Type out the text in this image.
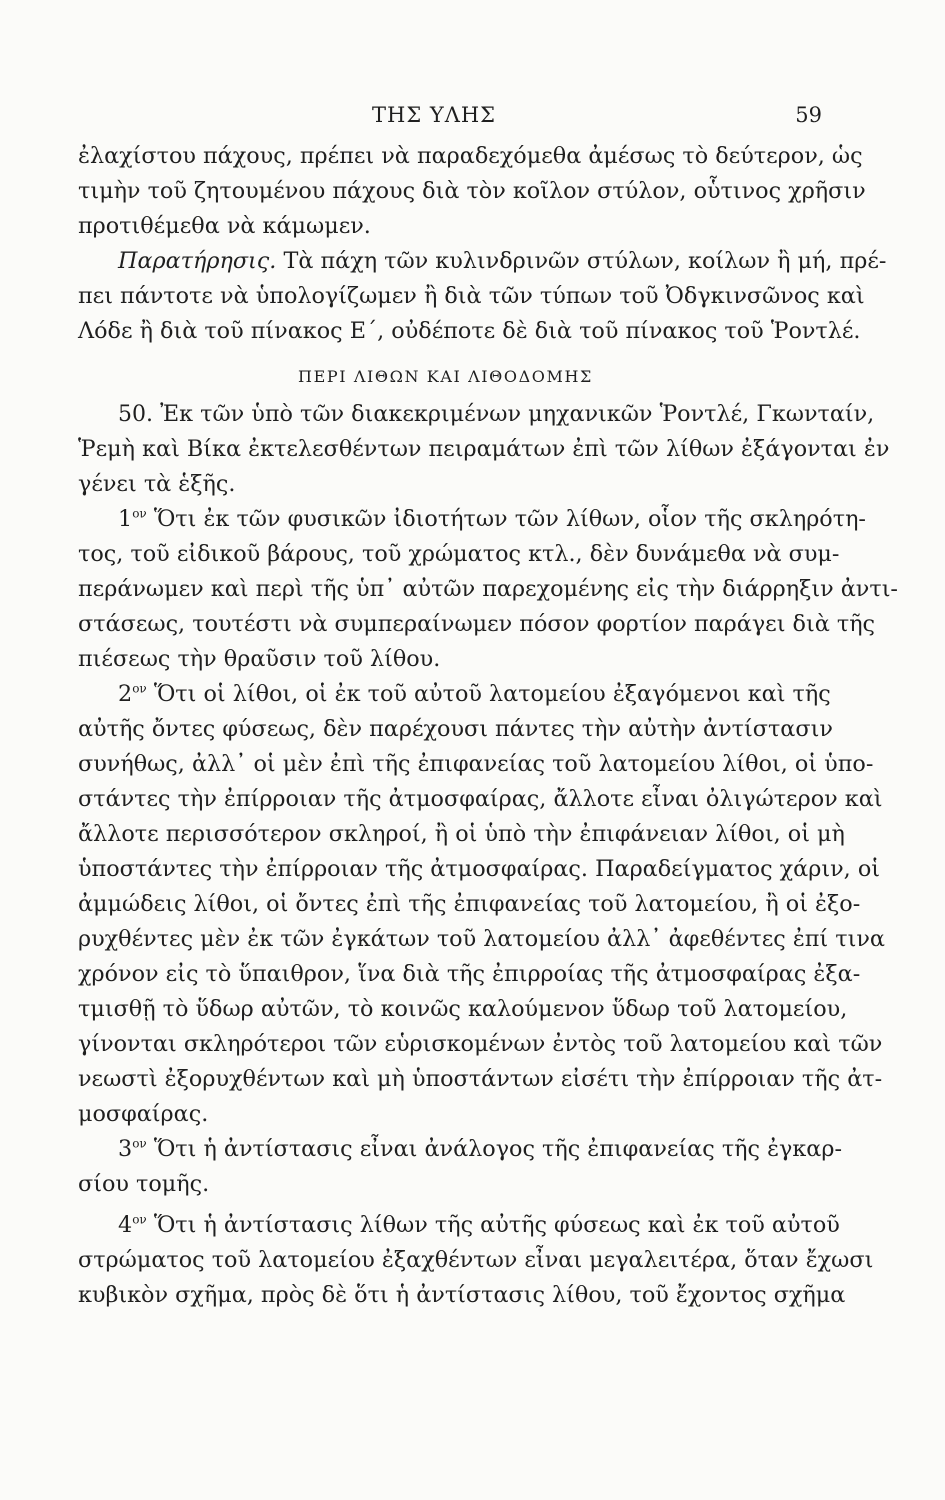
ΤΗΣ ΥΛΗΣ	59
ἐλαχίστου πάχους, πρέπει νὰ παραδεχόμεθα ἀμέσως τὸ δεύτερον, ὡς
τιμὴν τοῦ ζητουμένου πάχους διὰ τὸν κοῖλον στύλον, οὗτινος χρῆσιν
προτιθέμεθα νὰ κάμωμεν.
Παρατήρησις. Τὰ πάχη τῶν κυλινδρινῶν στύλων, κοίλων ἢ μή, πρέ-
πει πάντοτε νὰ ὑπολογίζωμεν ἢ διὰ τῶν τύπων τοῦ Ὀδγκινσῶνος καὶ
Λόδε ἢ διὰ τοῦ πίνακος Ε΄, οὐδέποτε δὲ διὰ τοῦ πίνακος τοῦ Ῥοντλέ.
ΠΕΡΙ ΛΙΘΩΝ ΚΑΙ ΛΙΘΟΔΟΜΗΣ
50. Ἐκ τῶν ὑπὸ τῶν διακεκριμένων μηχανικῶν Ῥοντλέ, Γκωνταίν,
Ῥεμὴ καὶ Βίκα ἐκτελεσθέντων πειραμάτων ἐπὶ τῶν λίθων ἐξάγονται ἐν
γένει τὰ ἑξῆς.
$1^{o\nu}$ Ὅτι ἐκ τῶν φυσικῶν ἰδιοτήτων τῶν λίθων, οἷον τῆς σκληρότη-
τος, τοῦ εἰδικοῦ βάρους, τοῦ χρώματος κτλ., δὲν δυνάμεθα νὰ συμ-
περάνωμεν καὶ περὶ τῆς ὑπ᾽ αὐτῶν παρεχομένης εἰς τὴν διάρρηξιν ἀντι-
στάσεως, τουτέστι νὰ συμπεραίνωμεν πόσον φορτίον παράγει διὰ τῆς
πιέσεως τὴν θραῦσιν τοῦ λίθου.
$2^{o\nu}$ Ὅτι οἱ λίθοι, οἱ ἐκ τοῦ αὐτοῦ λατομείου ἐξαγόμενοι καὶ τῆς
αὐτῆς ὄντες φύσεως, δὲν παρέχουσι πάντες τὴν αὐτὴν ἀντίστασιν
συνήθως, ἀλλ᾽ οἱ μὲν ἐπὶ τῆς ἐπιφανείας τοῦ λατομείου λίθοι, οἱ ὑπο-
στάντες τὴν ἐπίρροιαν τῆς ἀτμοσφαίρας, ἄλλοτε εἶναι ὀλιγώτερον καὶ
ἄλλοτε περισσότερον σκληροί, ἢ οἱ ὑπὸ τὴν ἐπιφάνειαν λίθοι, οἱ μὴ
ὑποστάντες τὴν ἐπίρροιαν τῆς ἀτμοσφαίρας. Παραδείγματος χάριν, οἱ
ἀμμώδεις λίθοι, οἱ ὄντες ἐπὶ τῆς ἐπιφανείας τοῦ λατομείου, ἢ οἱ ἐξο-
ρυχθέντες μὲν ἐκ τῶν ἐγκάτων τοῦ λατομείου ἀλλ᾽ ἀφεθέντες ἐπί τινα
χρόνον εἰς τὸ ὕπαιθρον, ἵνα διὰ τῆς ἐπιρροίας τῆς ἀτμοσφαίρας ἐξα-
τμισθῇ τὸ ὕδωρ αὐτῶν, τὸ κοινῶς καλούμενον ὕδωρ τοῦ λατομείου,
γίνονται σκληρότεροι τῶν εὑρισκομένων ἐντὸς τοῦ λατομείου καὶ τῶν
νεωστὶ ἐξορυχθέντων καὶ μὴ ὑποστάντων εἰσέτι τὴν ἐπίρροιαν τῆς ἀτ-
μοσφαίρας.
$3^{o\nu}$ Ὅτι ἡ ἀντίστασις εἶναι ἀνάλογος τῆς ἐπιφανείας τῆς ἐγκαρ-
σίου τομῆς.
$4^{o\nu}$ Ὅτι ἡ ἀντίστασις λίθων τῆς αὐτῆς φύσεως καὶ ἐκ τοῦ αὐτοῦ
στρώματος τοῦ λατομείου ἐξαχθέντων εἶναι μεγαλειτέρα, ὅταν ἔχωσι
κυβικὸν σχῆμα, πρὸς δὲ ὅτι ἡ ἀντίστασις λίθου, τοῦ ἔχοντος σχῆμα
